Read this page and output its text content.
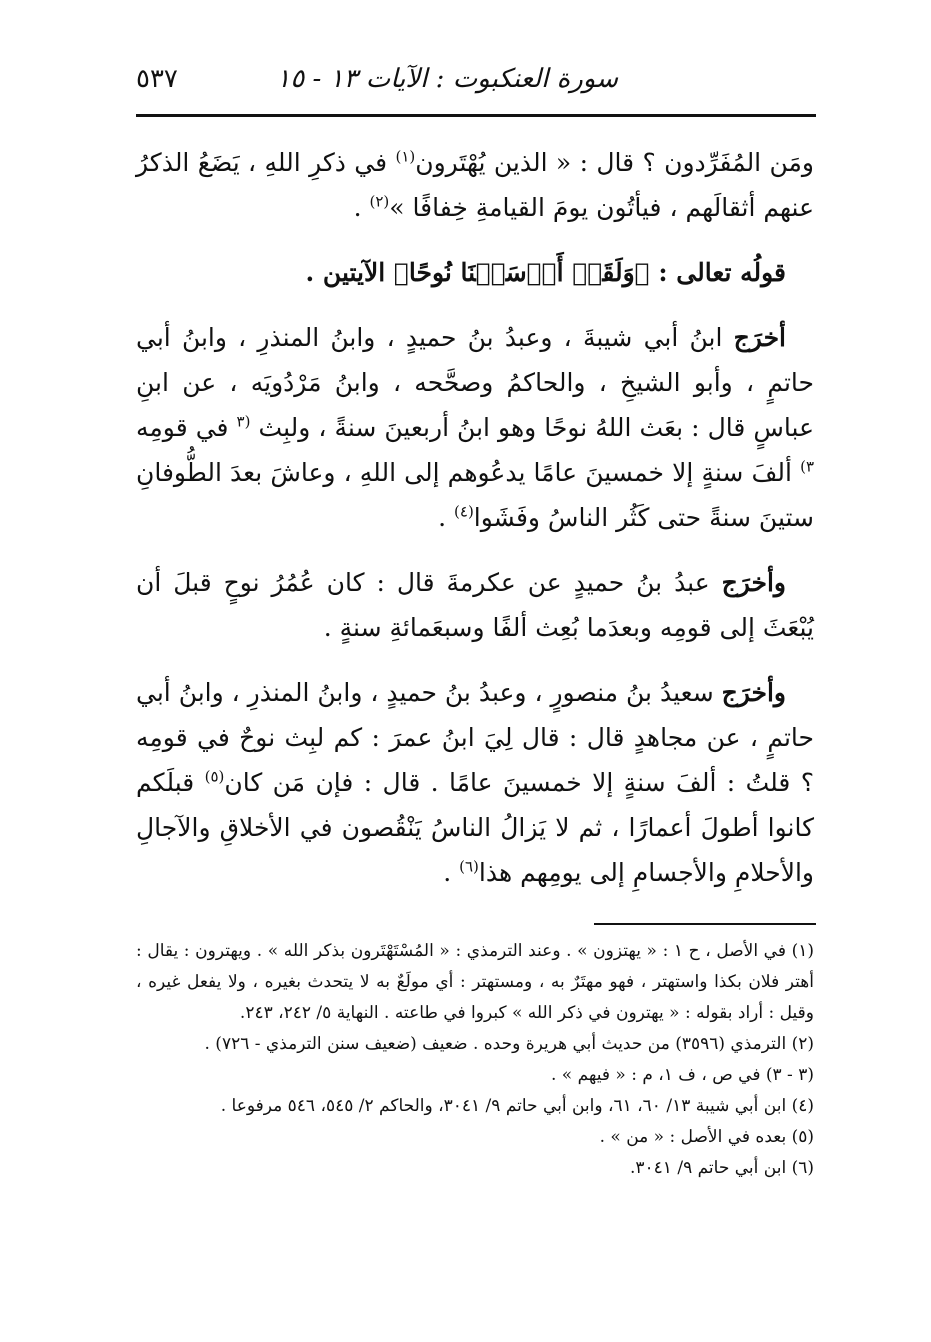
سورة العنكبوت : الآيات ١٣ - ١٥
٥٣٧

ومَن المُفَرِّدون ؟ قال : « الذين يُهْتَرون$^{(١)}$ في ذكرِ اللهِ ، يَضَعُ الذكرُ عنهم أثقالَهم ، فيأتُون يومَ القيامةِ خِفافًا »$^{(٢)}$ .

قولُه تعالى : ﴿وَلَقَدۡ أَرۡسَلۡنَا نُوحًا﴾ الآيتين .

أخرَج ابنُ أبي شيبةَ ، وعبدُ بنُ حميدٍ ، وابنُ المنذرِ ، وابنُ أبي حاتمٍ ، وأبو الشيخِ ، والحاكمُ وصحَّحه ، وابنُ مَرْدُويَه ، عن ابنِ عباسٍ قال : بعَث اللهُ نوحًا وهو ابنُ أربعينَ سنةً ، ولبِث $^{(٣}$ في قومِه $^{٣)}$ ألفَ سنةٍ إلا خمسينَ عامًا يدعُوهم إلى اللهِ ، وعاشَ بعدَ الطُّوفانِ ستينَ سنةً حتى كَثُر الناسُ وفَشَوا$^{(٤)}$ .

وأخرَج عبدُ بنُ حميدٍ عن عكرمةَ قال : كان عُمُرُ نوحٍ قبلَ أن يُبْعَثَ إلى قومِه وبعدَما بُعِث ألفًا وسبعَمائةِ سنةٍ .

وأخرَج سعيدُ بنُ منصورٍ ، وعبدُ بنُ حميدٍ ، وابنُ المنذرِ ، وابنُ أبي حاتمٍ ، عن مجاهدٍ قال : قال لِيَ ابنُ عمرَ : كم لبِث نوحٌ في قومِه ؟ قلتُ : ألفَ سنةٍ إلا خمسينَ عامًا . قال : فإن مَن كان$^{(٥)}$ قبلَكم كانوا أطولَ أعمارًا ، ثم لا يَزالُ الناسُ يَنْقُصون في الأخلاقِ والآجالِ والأحلامِ والأجسامِ إلى يومِهم هذا$^{(٦)}$ .

(١) في الأصل ، ح ١ : « يهتزون » . وعند الترمذي : « المُسْتَهْتَرون بذكر الله » . ويهترون : يقال : أهتر فلان بكذا واستهتر ، فهو مهتَرٌ به ، ومستهتر : أي مولَعٌ به لا يتحدث بغيره ، ولا يفعل غيره ، وقيل : أراد بقوله : « يهترون في ذكر الله » كبروا في طاعته . النهاية ٥/ ٢٤٢، ٢٤٣.

(٢) الترمذي (٣٥٩٦) من حديث أبي هريرة وحده . ضعيف (ضعيف سنن الترمذي - ٧٢٦) .

(٣ - ٣) في ص ، ف ١، م : « فيهم » .

(٤) ابن أبي شيبة ١٣/ ٦٠، ٦١، وابن أبي حاتم ٩/ ٣٠٤١، والحاكم ٢/ ٥٤٥، ٥٤٦ مرفوعا .

(٥) بعده في الأصل : « من » .

(٦) ابن أبي حاتم ٩/ ٣٠٤١.
